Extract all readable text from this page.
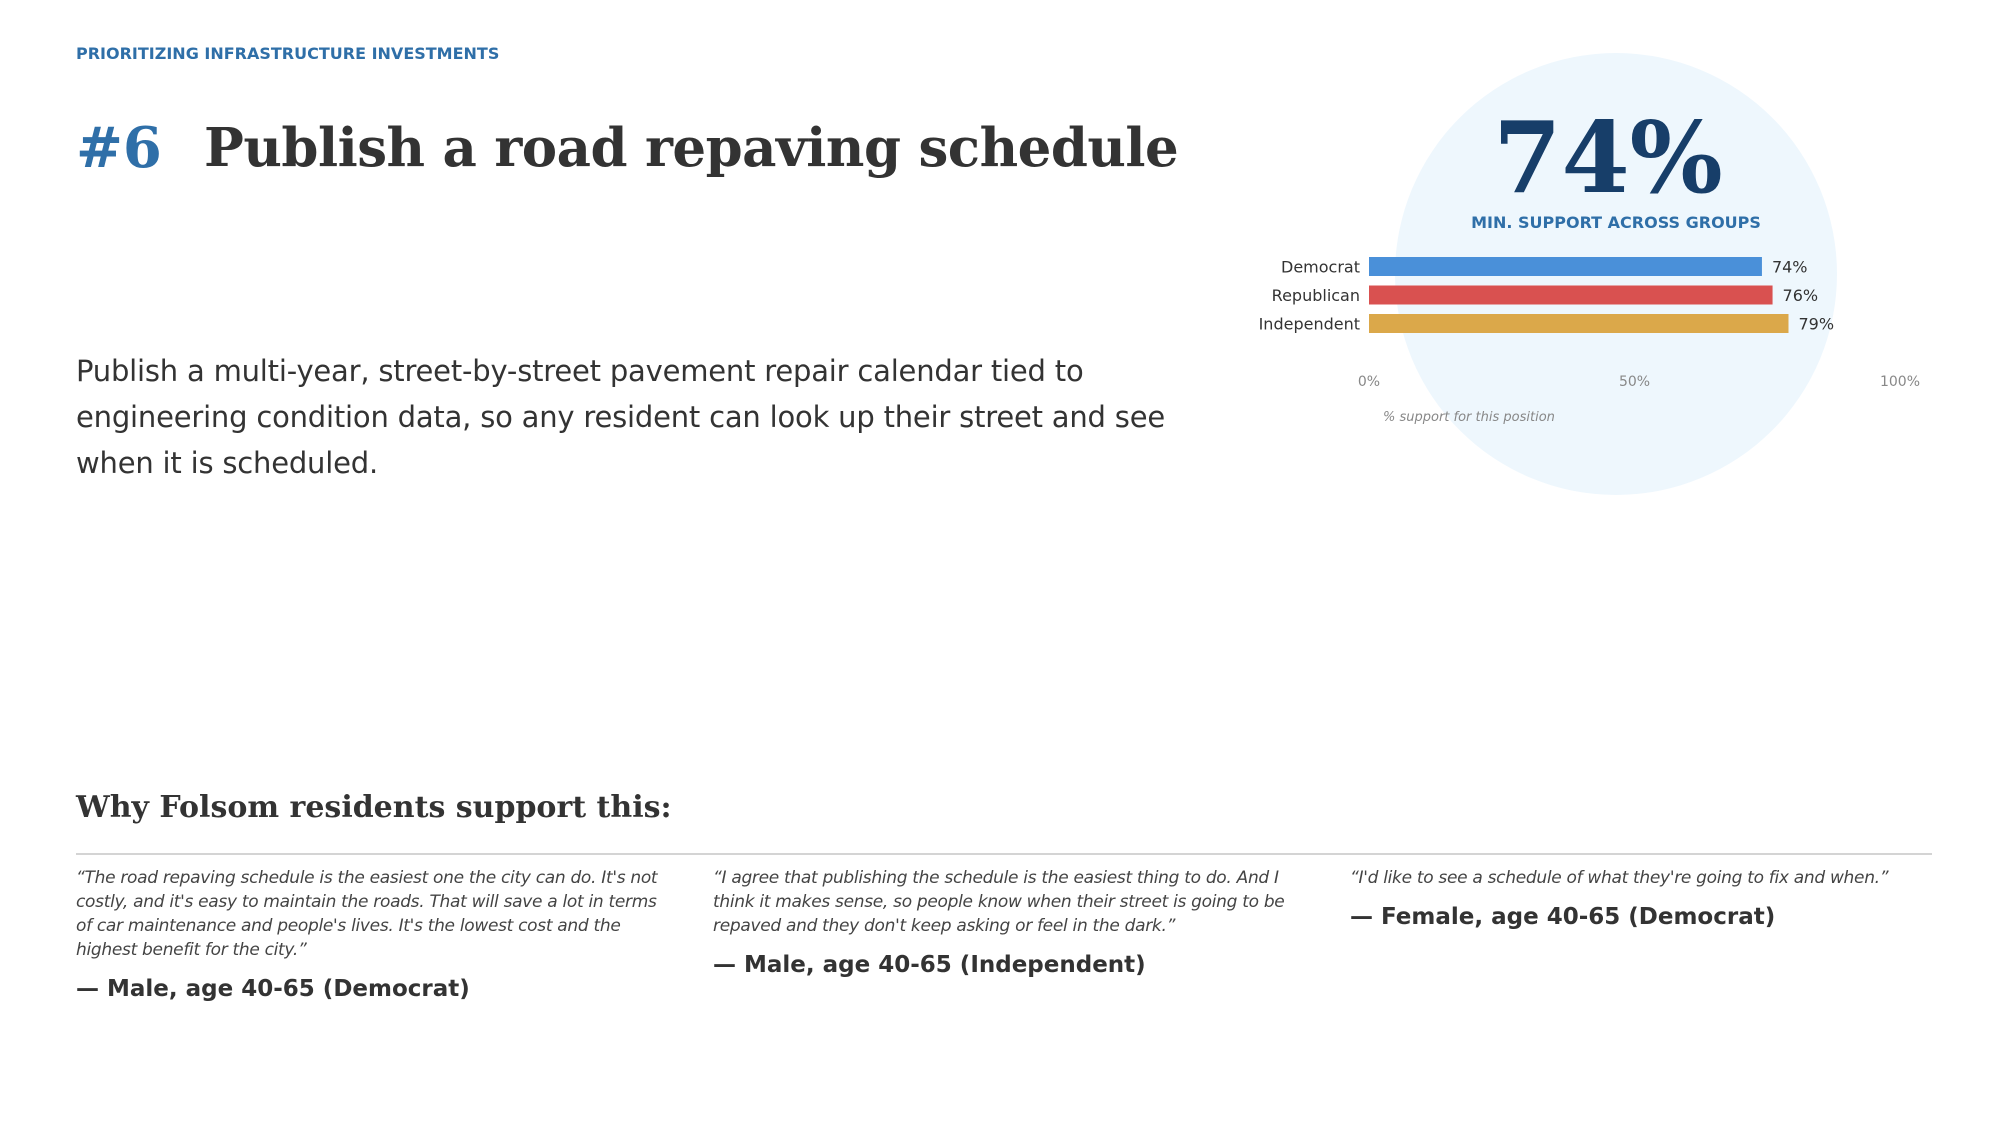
PRIORITIZING INFRASTRUCTURE INVESTMENTS
#6 Publish a road repaving schedule
Publish a multi-year, street-by-street pavement repair calendar tied to engineering condition data, so any resident can look up their street and see when it is scheduled.
74%
MIN. SUPPORT ACROSS GROUPS
Democrat	74%
Republican	76%
Independent	79%
0%	50%	100%
% support for this position
Why Folsom residents support this:
“The road repaving schedule is the easiest one the city can do. It's not costly, and it's easy to maintain the roads. That will save a lot in terms of car maintenance and people's lives. It's the lowest cost and the highest benefit for the city.”
— Male, age 40-65 (Democrat)
“I agree that publishing the schedule is the easiest thing to do. And I think it makes sense, so people know when their street is going to be repaved and they don't keep asking or feel in the dark.”
— Male, age 40-65 (Independent)
“I'd like to see a schedule of what they're going to fix and when.”
— Female, age 40-65 (Democrat)
